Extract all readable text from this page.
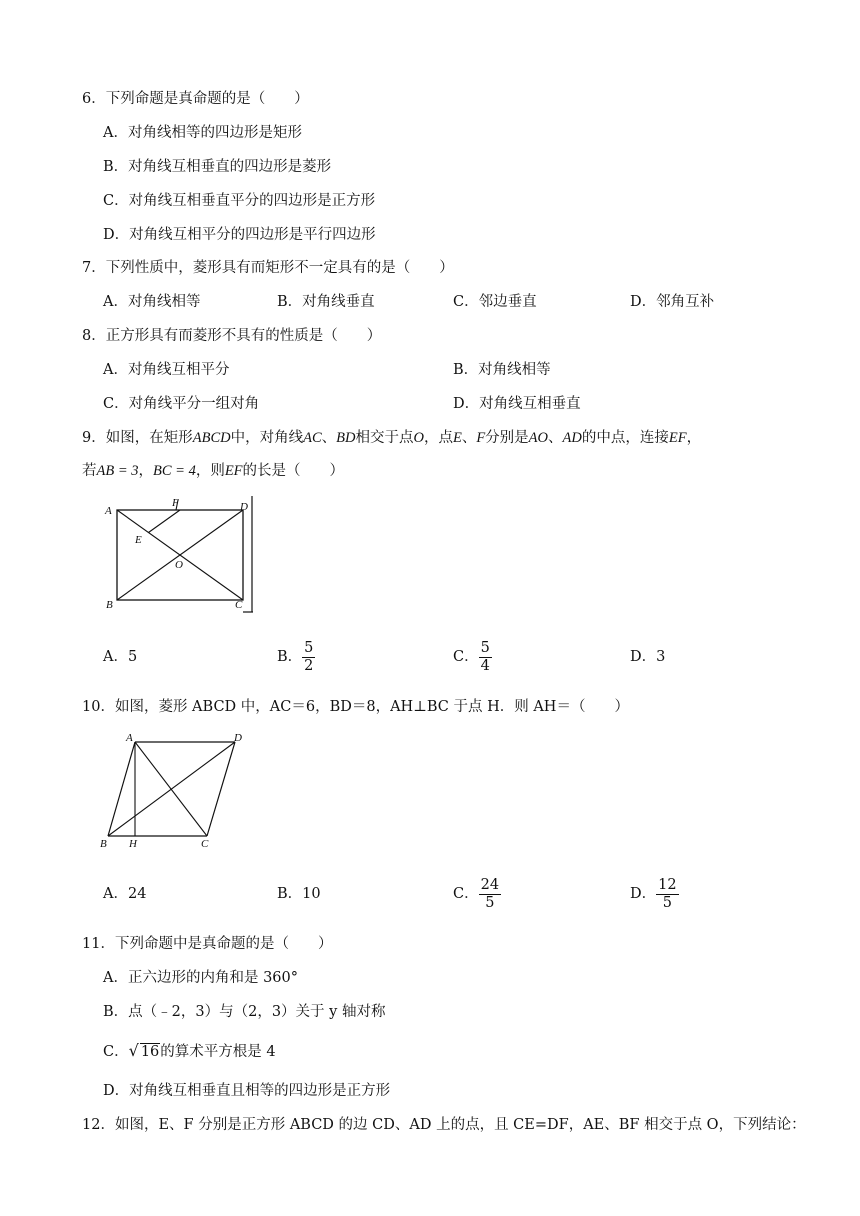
6．下列命题是真命题的是（　　）
A．对角线相等的四边形是矩形
B．对角线互相垂直的四边形是菱形
C．对角线互相垂直平分的四边形是正方形
D．对角线互相平分的四边形是平行四边形
7．下列性质中，菱形具有而矩形不一定具有的是（　　）
A．对角线相等	B．对角线垂直	C．邻边垂直	D．邻角互补
8．正方形具有而菱形不具有的性质是（　　）
A．对角线互相平分	B．对角线相等
C．对角线平分一组对角	D．对角线互相垂直
9．如图，在矩形ABCD中，对角线AC、BD相交于点O，点E、F分别是AO、AD的中点，连接EF，
若AB = 3，BC = 4，则EF的长是（　　）
A
F	D
E
O
B	C
A．5	B． $\frac{5}{2}$	C． $\frac{5}{4}$	D．3
10．如图，菱形 ABCD 中，AC＝6，BD＝8，AH⊥BC 于点 H．则 AH＝（　　）
A	D
B H	C
A．24	B．10	C． $\frac{24}{5}$	D． $\frac{12}{5}$
11．下列命题中是真命题的是（　　）
A．正六边形的内角和是 360°
B．点（﹣2，3）与（2，3）关于 y 轴对称
C．√ 16的算术平方根是 4
D．对角线互相垂直且相等的四边形是正方形
12．如图，E、F 分别是正方形 ABCD 的边 CD、AD 上的点，且 CE=DF，AE、BF 相交于点 O，下列结论：
